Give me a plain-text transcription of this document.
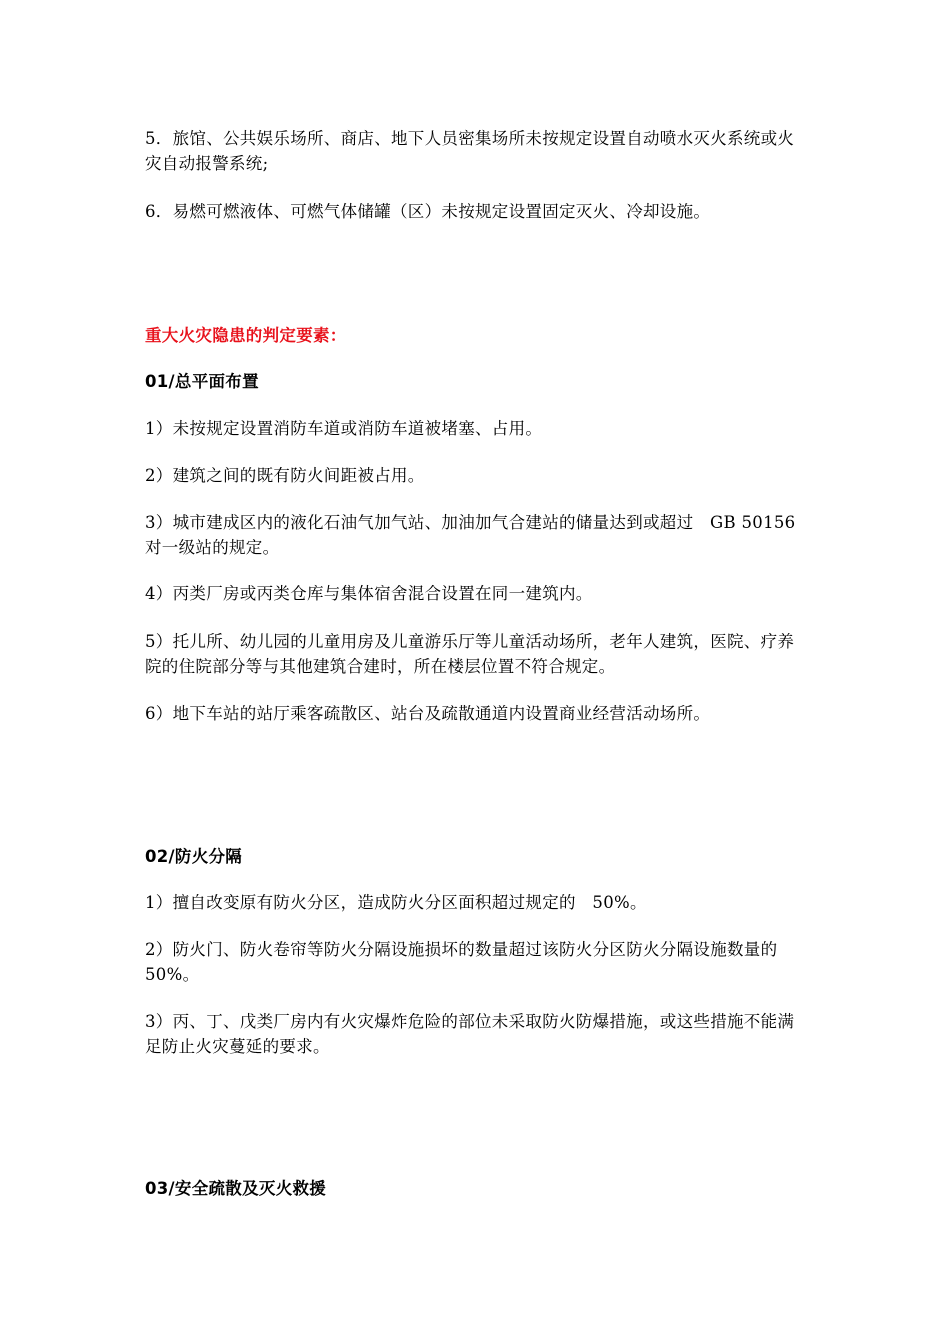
5．旅馆、公共娱乐场所、商店、地下人员密集场所未按规定设置自动喷水灭火系统或火灾自动报警系统;
6．易燃可燃液体、可燃气体储罐（区）未按规定设置固定灭火、冷却设施。
重大火灾隐患的判定要素：
01/总平面布置
1）未按规定设置消防车道或消防车道被堵塞、占用。
2）建筑之间的既有防火间距被占用。
3）城市建成区内的液化石油气加气站、加油加气合建站的储量达到或超过   GB 50156   对一级站的规定。
4）丙类厂房或丙类仓库与集体宿舍混合设置在同一建筑内。
5）托儿所、幼儿园的儿童用房及儿童游乐厅等儿童活动场所，老年人建筑，医院、疗养院的住院部分等与其他建筑合建时，所在楼层位置不符合规定。
6）地下车站的站厅乘客疏散区、站台及疏散通道内设置商业经营活动场所。
02/防火分隔
1）擅自改变原有防火分区，造成防火分区面积超过规定的   50%。
2）防火门、防火卷帘等防火分隔设施损坏的数量超过该防火分区防火分隔设施数量的50%。
3）丙、丁、戊类厂房内有火灾爆炸危险的部位未采取防火防爆措施，或这些措施不能满足防止火灾蔓延的要求。
03/安全疏散及灭火救援
